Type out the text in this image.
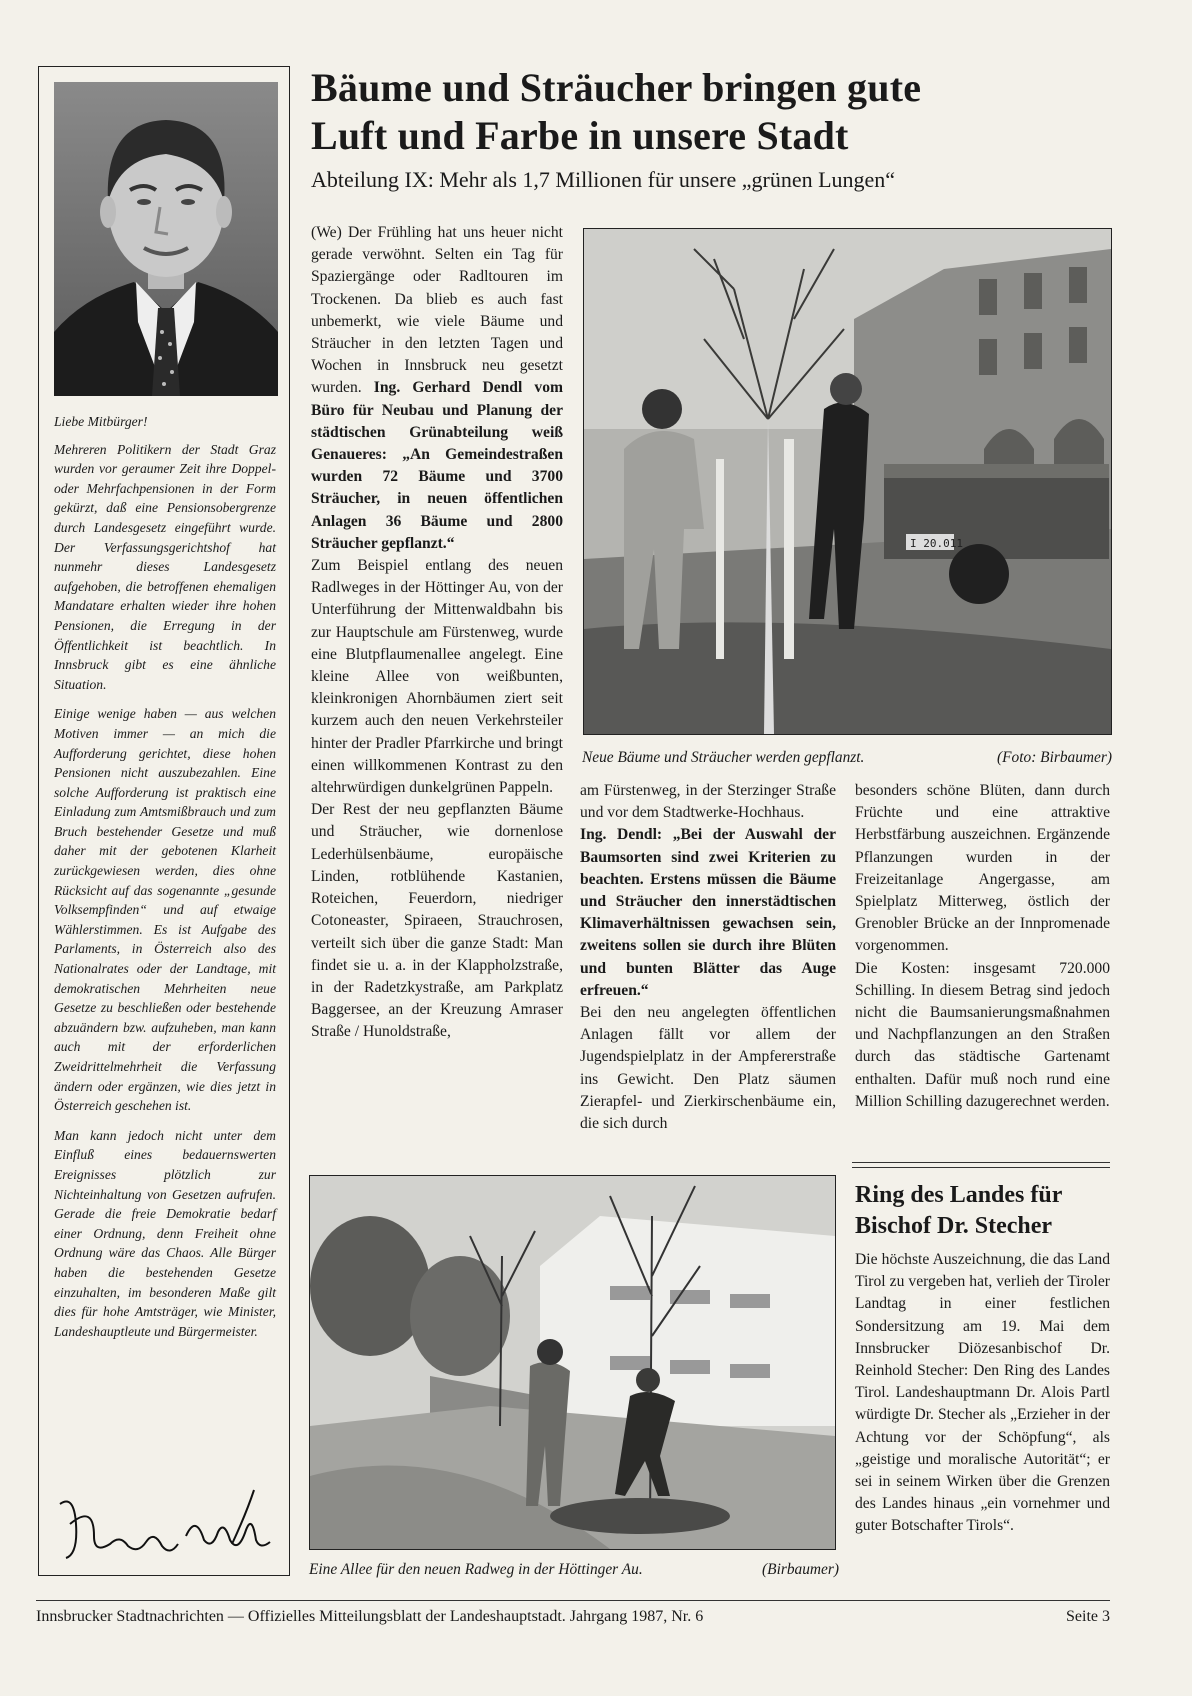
Liebe Mitbürger!

Mehreren Politikern der Stadt Graz wurden vor geraumer Zeit ihre Doppel- oder Mehrfachpensionen in der Form gekürzt, daß eine Pensionsobergrenze durch Landesgesetz eingeführt wurde. Der Verfassungsgerichtshof hat nunmehr dieses Landesgesetz aufgehoben, die betroffenen ehemaligen Mandatare erhalten wieder ihre hohen Pensionen, die Erregung in der Öffentlichkeit ist beachtlich. In Innsbruck gibt es eine ähnliche Situation.

Einige wenige haben — aus welchen Motiven immer — an mich die Aufforderung gerichtet, diese hohen Pensionen nicht auszubezahlen. Eine solche Aufforderung ist praktisch eine Einladung zum Amtsmißbrauch und zum Bruch bestehender Gesetze und muß daher mit der gebotenen Klarheit zurückgewiesen werden, dies ohne Rücksicht auf das sogenannte „gesunde Volksempfinden“ und auf etwaige Wählerstimmen. Es ist Aufgabe des Parlaments, in Österreich also des Nationalrates oder der Landtage, mit demokratischen Mehrheiten neue Gesetze zu beschließen oder bestehende abzuändern bzw. aufzuheben, man kann auch mit der erforderlichen Zweidrittelmehrheit die Verfassung ändern oder ergänzen, wie dies jetzt in Österreich geschehen ist.

Man kann jedoch nicht unter dem Einfluß eines bedauernswerten Ereignisses plötzlich zur Nichteinhaltung von Gesetzen aufrufen. Gerade die freie Demokratie bedarf einer Ordnung, denn Freiheit ohne Ordnung wäre das Chaos. Alle Bürger haben die bestehenden Gesetze einzuhalten, im besonderen Maße gilt dies für hohe Amtsträger, wie Minister, Landeshauptleute und Bürgermeister.

Bäume und Sträucher bringen gute
Luft und Farbe in unsere Stadt
Abteilung IX: Mehr als 1,7 Millionen für unsere „grünen Lungen“

(We) Der Frühling hat uns heuer nicht gerade verwöhnt. Selten ein Tag für Spaziergänge oder Radltouren im Trockenen. Da blieb es auch fast unbemerkt, wie viele Bäume und Sträucher in den letzten Tagen und Wochen in Innsbruck neu gesetzt wurden. Ing. Gerhard Dendl vom Büro für Neubau und Planung der städtischen Grünabteilung weiß Genaueres: „An Gemeindestraßen wurden 72 Bäume und 3700 Sträucher, in neuen öffentlichen Anlagen 36 Bäume und 2800 Sträucher gepflanzt.“

Zum Beispiel entlang des neuen Radlweges in der Höttinger Au, von der Unterführung der Mittenwaldbahn bis zur Hauptschule am Fürstenweg, wurde eine Blutpflaumenallee angelegt. Eine kleine Allee von weißbunten, kleinkronigen Ahornbäumen ziert seit kurzem auch den neuen Verkehrsteiler hinter der Pradler Pfarrkirche und bringt einen willkommenen Kontrast zu den altehrwürdigen dunkelgrünen Pappeln.

Der Rest der neu gepflanzten Bäume und Sträucher, wie dornenlose Lederhülsenbäume, europäische Linden, rotblühende Kastanien, Roteichen, Feuerdorn, niedriger Cotoneaster, Spiraeen, Strauchrosen, verteilt sich über die ganze Stadt: Man findet sie u. a. in der Klappholzstraße, in der Radetzkystraße, am Parkplatz Baggersee, an der Kreuzung Amraser Straße / Hunoldstraße,

I 20.011
Neue Bäume und Sträucher werden gepflanzt.	(Foto: Birbaumer)

am Fürstenweg, in der Sterzinger Straße und vor dem Stadtwerke-Hochhaus.

Ing. Dendl: „Bei der Auswahl der Baumsorten sind zwei Kriterien zu beachten. Erstens müssen die Bäume und Sträucher den innerstädtischen Klimaverhältnissen gewachsen sein, zweitens sollen sie durch ihre Blüten und bunten Blätter das Auge erfreuen.“

Bei den neu angelegten öffentlichen Anlagen fällt vor allem der Jugendspielplatz in der Ampfererstraße ins Gewicht. Den Platz säumen Zierapfel- und Zierkirschenbäume ein, die sich durch

besonders schöne Blüten, dann durch Früchte und eine attraktive Herbstfärbung auszeichnen. Ergänzende Pflanzungen wurden in der Freizeitanlage Angergasse, am Spielplatz Mitterweg, östlich der Grenobler Brücke an der Innpromenade vorgenommen.

Die Kosten: insgesamt 720.000 Schilling. In diesem Betrag sind jedoch nicht die Baumsanierungsmaßnahmen und Nachpflanzungen an den Straßen durch das städtische Gartenamt enthalten. Dafür muß noch rund eine Million Schilling dazugerechnet werden.

Eine Allee für den neuen Radweg in der Höttinger Au.	(Birbaumer)
Ring des Landes für
Bischof Dr. Stecher
Die höchste Auszeichnung, die das Land Tirol zu vergeben hat, verlieh der Tiroler Landtag in einer festlichen Sondersitzung am 19. Mai dem Innsbrucker Diözesanbischof Dr. Reinhold Stecher: Den Ring des Landes Tirol. Landeshauptmann Dr. Alois Partl würdigte Dr. Stecher als „Erzieher in der Achtung vor der Schöpfung“, als „geistige und moralische Autorität“; er sei in seinem Wirken über die Grenzen des Landes hinaus „ein vornehmer und guter Botschafter Tirols“.
Innsbrucker Stadtnachrichten — Offizielles Mitteilungsblatt der Landeshauptstadt. Jahrgang 1987, Nr. 6	Seite 3
